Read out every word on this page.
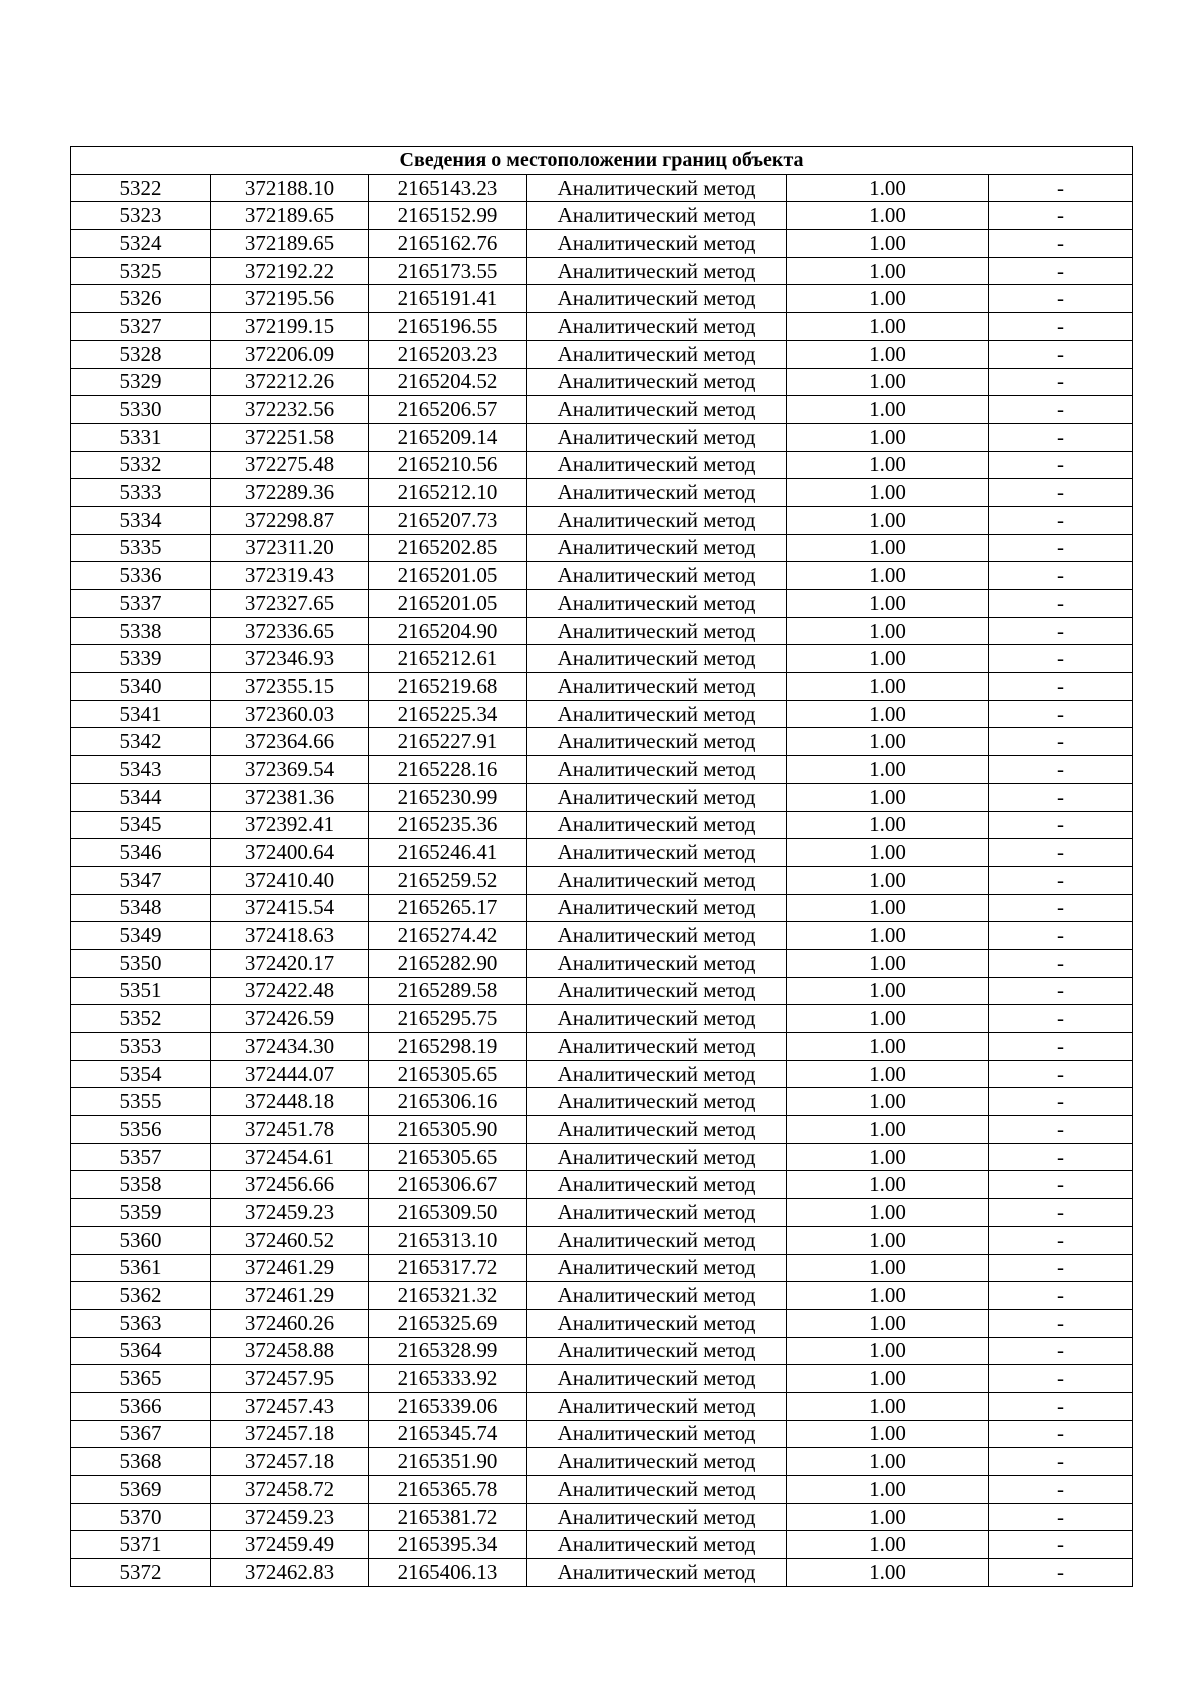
Сведения о местоположении границ объекта					
5322	372188.10	2165143.23	Аналитический метод	1.00	-
5323	372189.65	2165152.99	Аналитический метод	1.00	-
5324	372189.65	2165162.76	Аналитический метод	1.00	-
5325	372192.22	2165173.55	Аналитический метод	1.00	-
5326	372195.56	2165191.41	Аналитический метод	1.00	-
5327	372199.15	2165196.55	Аналитический метод	1.00	-
5328	372206.09	2165203.23	Аналитический метод	1.00	-
5329	372212.26	2165204.52	Аналитический метод	1.00	-
5330	372232.56	2165206.57	Аналитический метод	1.00	-
5331	372251.58	2165209.14	Аналитический метод	1.00	-
5332	372275.48	2165210.56	Аналитический метод	1.00	-
5333	372289.36	2165212.10	Аналитический метод	1.00	-
5334	372298.87	2165207.73	Аналитический метод	1.00	-
5335	372311.20	2165202.85	Аналитический метод	1.00	-
5336	372319.43	2165201.05	Аналитический метод	1.00	-
5337	372327.65	2165201.05	Аналитический метод	1.00	-
5338	372336.65	2165204.90	Аналитический метод	1.00	-
5339	372346.93	2165212.61	Аналитический метод	1.00	-
5340	372355.15	2165219.68	Аналитический метод	1.00	-
5341	372360.03	2165225.34	Аналитический метод	1.00	-
5342	372364.66	2165227.91	Аналитический метод	1.00	-
5343	372369.54	2165228.16	Аналитический метод	1.00	-
5344	372381.36	2165230.99	Аналитический метод	1.00	-
5345	372392.41	2165235.36	Аналитический метод	1.00	-
5346	372400.64	2165246.41	Аналитический метод	1.00	-
5347	372410.40	2165259.52	Аналитический метод	1.00	-
5348	372415.54	2165265.17	Аналитический метод	1.00	-
5349	372418.63	2165274.42	Аналитический метод	1.00	-
5350	372420.17	2165282.90	Аналитический метод	1.00	-
5351	372422.48	2165289.58	Аналитический метод	1.00	-
5352	372426.59	2165295.75	Аналитический метод	1.00	-
5353	372434.30	2165298.19	Аналитический метод	1.00	-
5354	372444.07	2165305.65	Аналитический метод	1.00	-
5355	372448.18	2165306.16	Аналитический метод	1.00	-
5356	372451.78	2165305.90	Аналитический метод	1.00	-
5357	372454.61	2165305.65	Аналитический метод	1.00	-
5358	372456.66	2165306.67	Аналитический метод	1.00	-
5359	372459.23	2165309.50	Аналитический метод	1.00	-
5360	372460.52	2165313.10	Аналитический метод	1.00	-
5361	372461.29	2165317.72	Аналитический метод	1.00	-
5362	372461.29	2165321.32	Аналитический метод	1.00	-
5363	372460.26	2165325.69	Аналитический метод	1.00	-
5364	372458.88	2165328.99	Аналитический метод	1.00	-
5365	372457.95	2165333.92	Аналитический метод	1.00	-
5366	372457.43	2165339.06	Аналитический метод	1.00	-
5367	372457.18	2165345.74	Аналитический метод	1.00	-
5368	372457.18	2165351.90	Аналитический метод	1.00	-
5369	372458.72	2165365.78	Аналитический метод	1.00	-
5370	372459.23	2165381.72	Аналитический метод	1.00	-
5371	372459.49	2165395.34	Аналитический метод	1.00	-
5372	372462.83	2165406.13	Аналитический метод	1.00	-
